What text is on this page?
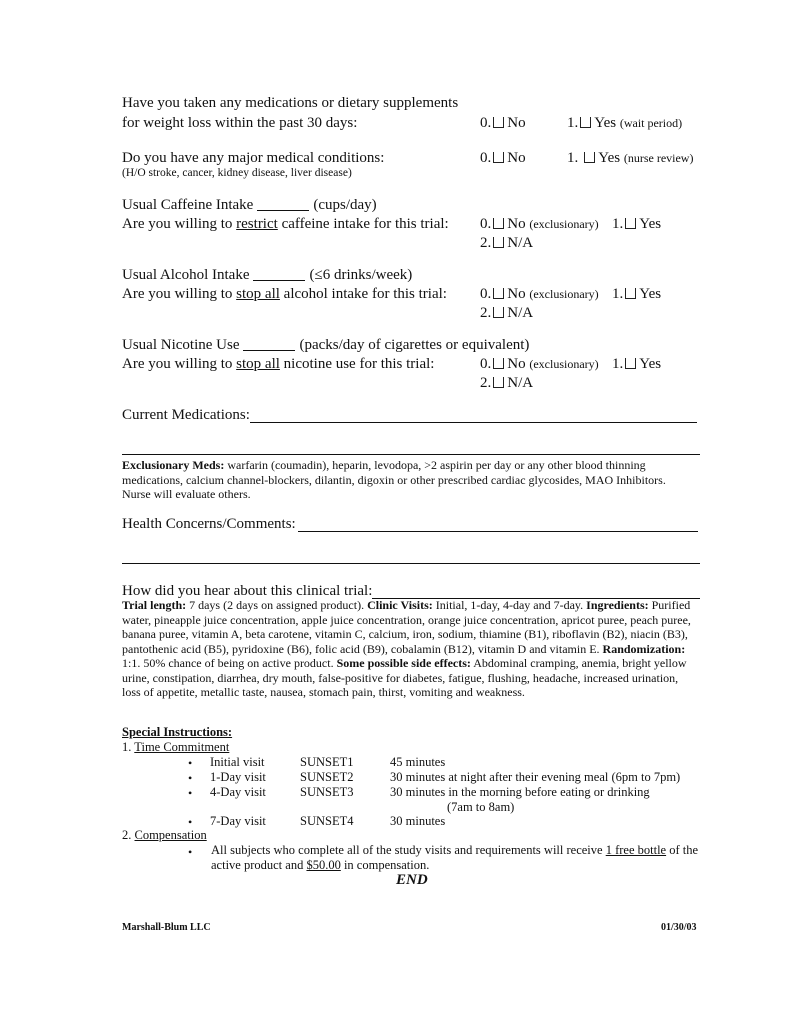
Have you taken any medications or dietary supplements
for weight loss within the past 30 days:	0. No	1. Yes (wait period)
Do you have any major medical conditions:
(H/O stroke, cancer, kidney disease, liver disease)
0. No	1. Yes (nurse review)
Usual Caffeine Intake	(cups/day)
Are you willing to restrict caffeine intake for this trial: 0. No (exclusionary) 1. Yes
2. N/A
Usual Alcohol Intake	(≤6 drinks/week)
Are you willing to stop all alcohol intake for this trial: 0. No (exclusionary) 1. Yes
2. N/A
Usual Nicotine Use	(packs/day of cigarettes or equivalent)
Are you willing to stop all nicotine use for this trial:	0. No (exclusionary) 1. Yes
2. N/A
Current Medications:
Exclusionary Meds: warfarin (coumadin), heparin, levodopa, >2 aspirin per day or any other blood thinning medications, calcium channel-blockers, dilantin, digoxin or other prescribed cardiac glycosides, MAO Inhibitors. Nurse will evaluate others.
Health Concerns/Comments:
How did you hear about this clinical trial:
Trial length: 7 days (2 days on assigned product). Clinic Visits: Initial, 1-day, 4-day and 7-day. Ingredients: Purified water, pineapple juice concentration, apple juice concentration, orange juice concentration, apricot puree, peach puree, banana puree, vitamin A, beta carotene, vitamin C, calcium, iron, sodium, thiamine (B1), riboflavin (B2), niacin (B3), pantothenic acid (B5), pyridoxine (B6), folic acid (B9), cobalamin (B12), vitamin D and vitamin E. Randomization: 1:1. 50% chance of being on active product. Some possible side effects: Abdominal cramping, anemia, bright yellow urine, constipation, diarrhea, dry mouth, false-positive for diabetes, fatigue, flushing, headache, increased urination, loss of appetite, metallic taste, nausea, stomach pain, thirst, vomiting and weakness.
Special Instructions:
1. Time Commitment
• Initial visit	SUNSET1	45 minutes
• 1-Day visit	SUNSET2	30 minutes at night after their evening meal (6pm to 7pm)
• 4-Day visit	SUNSET3	30 minutes in the morning before eating or drinking
(7am to 8am)
• 7-Day visit	SUNSET4	30 minutes
2. Compensation
• All subjects who complete all of the study visits and requirements will receive 1 free bottle of the active product and $50.00 in compensation.
END
Marshall-Blum LLC	01/30/03
